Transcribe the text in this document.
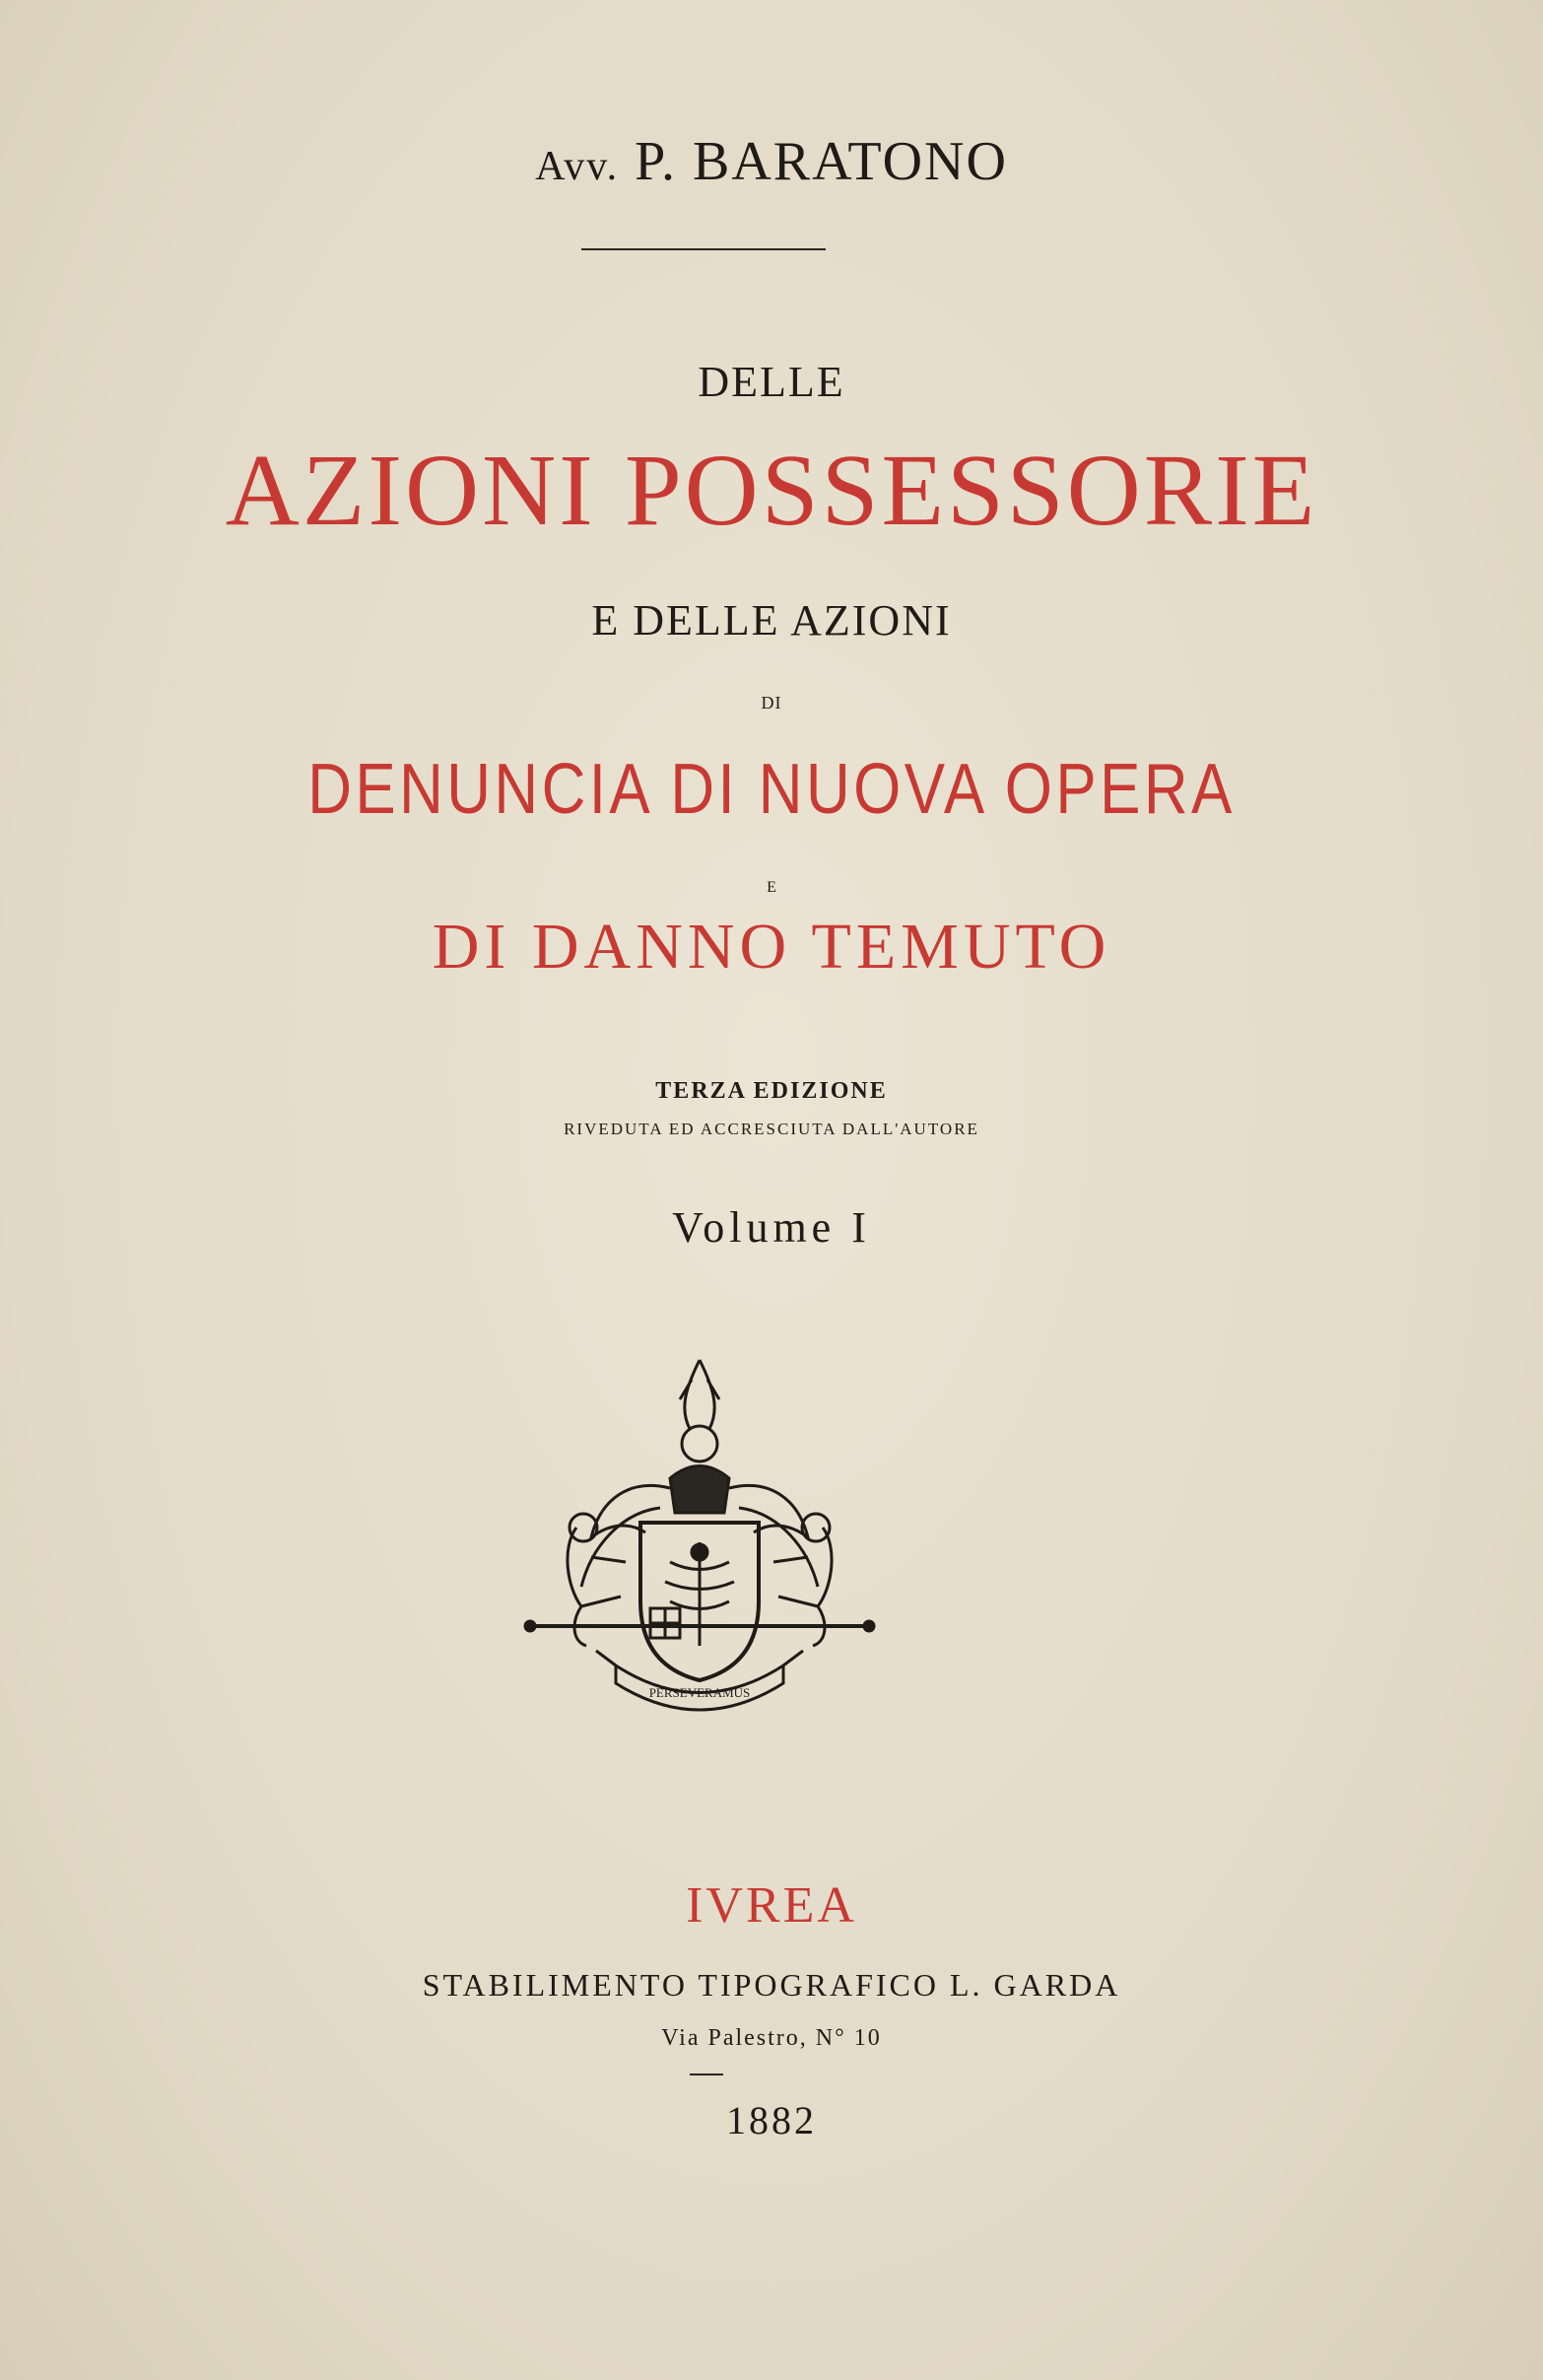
Avv. P. BARATONO
DELLE
AZIONI POSSESSORIE
E DELLE AZIONI
DI
DENUNCIA DI NUOVA OPERA
E
DI DANNO TEMUTO
TERZA EDIZIONE
RIVEDUTA ED ACCRESCIUTA DALL'AUTORE
Volume I
PERSEVERAMUS
IVREA
STABILIMENTO TIPOGRAFICO L. GARDA
Via Palestro, N° 10
1882
